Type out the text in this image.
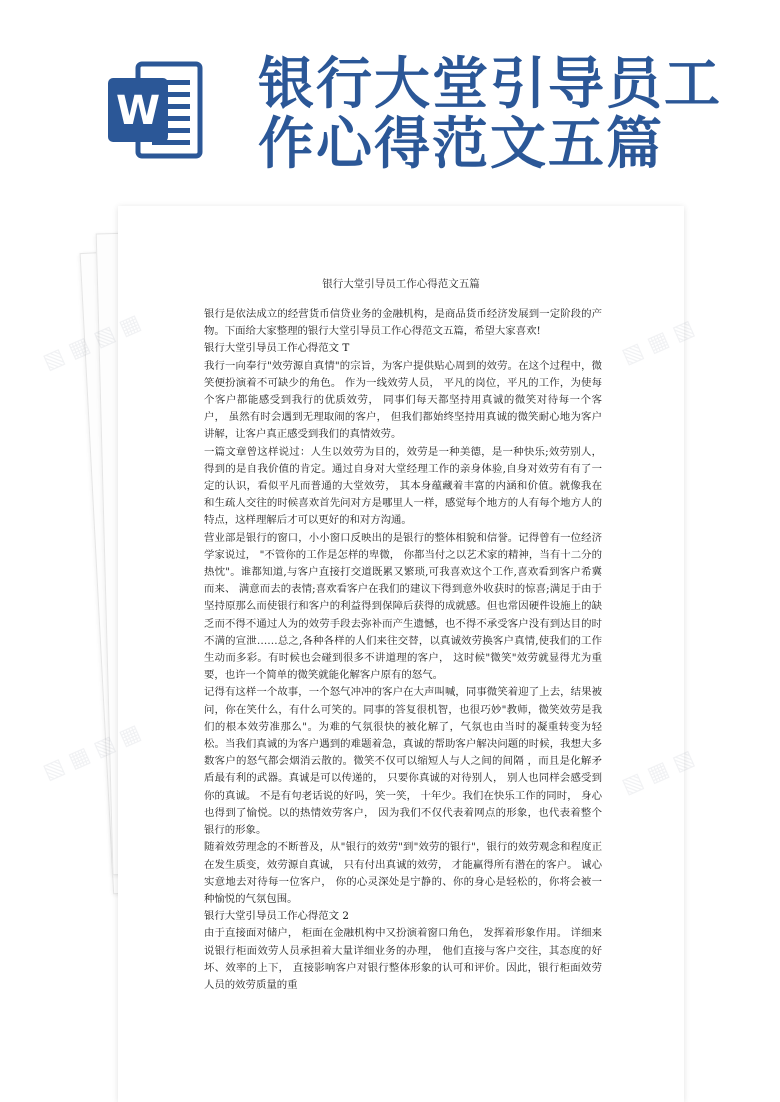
W 银行大堂引导员工
作心得范文五篇
银行大堂引导员工作心得范文五篇

银行是依法成立的经营货币信贷业务的金融机构，是商品货币经济发展到一定阶段的产物。下面给大家整理的银行大堂引导员工作心得范文五篇，希望大家喜欢!

银行大堂引导员工作心得范文 T

我行一向奉行"效劳源自真情"的宗旨，为客户提供贴心周到的效劳。在这个过程中，微笑便扮演着不可缺少的角色。 作为一线效劳人员， 平凡的岗位，平凡的工作，为使每个客户都能感受到我行的优质效劳， 同事们每天都坚持用真诚的微笑对待每一个客户， 虽然有时会遇到无理取闹的客户， 但我们都始终坚持用真诚的微笑耐心地为客户讲解，让客户真正感受到我们的真情效劳。

一篇文章曾这样说过：人生以效劳为目的，效劳是一种美德，是一种快乐;效劳别人，得到的是自我价值的肯定。通过自身对大堂经理工作的亲身体验,自身对效劳有有了一定的认识，看似平凡而普通的大堂效劳， 其本身蕴藏着丰富的内涵和价值。就像我在和生疏人交往的时候喜欢首先问对方是哪里人一样，感觉每个地方的人有每个地方人的特点，这样理解后才可以更好的和对方沟通。

营业部是银行的窗口，小小窗口反映出的是银行的整体相貌和信誉。记得曾有一位经济学家说过， "不管你的工作是怎样的卑微， 你都当付之以艺术家的精神，当有十二分的热忱"。谁都知道,与客户直接打交道既累又繁琐,可我喜欢这个工作,喜欢看到客户希冀而来、 满意而去的表情;喜欢看客户在我们的建议下得到意外收获时的惊喜;满足于由于坚持原那么而使银行和客户的利益得到保障后获得的成就感。但也常因硬件设施上的缺乏而不得不通过人为的效劳手段去弥补而产生遗憾，也不得不承受客户没有到达目的时不满的宣泄……总之,各种各样的人们来往交替，以真诚效劳换客户真情,使我们的工作生动而多彩。有时候也会碰到很多不讲道理的客户， 这时候"微笑"效劳就显得尤为重要，也许一个简单的微笑就能化解客户原有的怒气。

记得有这样一个故事，一个怒气冲冲的客户在大声叫喊，同事微笑着迎了上去，结果被问，你在笑什么，有什么可笑的。同事的答复很机智，也很巧妙"教师，微笑效劳是我们的根本效劳准那么"。为难的气氛很快的被化解了，气氛也由当时的凝重转变为轻松。当我们真诚的为客户遇到的难题着急，真诚的帮助客户解决问题的时候，我想大多数客户的怒气都会烟消云散的。微笑不仅可以缩短人与人之间的间隔 ，而且是化解矛盾最有利的武器。真诚是可以传递的， 只要你真诚的对待别人， 别人也同样会感受到你的真诚。 不是有句老话说的好吗，笑一笑， 十年少。我们在快乐工作的同时， 身心也得到了愉悦。以的热情效劳客户， 因为我们不仅代表着网点的形象，也代表着整个银行的形象。

随着效劳理念的不断普及，从"银行的效劳"到"效劳的银行"，银行的效劳观念和程度正在发生质变，效劳源自真诚， 只有付出真诚的效劳， 才能赢得所有潜在的客户。 诚心实意地去对待每一位客户， 你的心灵深处是宁静的、你的身心是轻松的，你将会被一种愉悦的气氛包围。

银行大堂引导员工作心得范文 2

由于直接面对储户， 柜面在金融机构中又扮演着窗口角色， 发挥着形象作用。 详细来说银行柜面效劳人员承担着大量详细业务的办理， 他们直接与客户交往，其态度的好坏、效率的上下， 直接影响客户对银行整体形象的认可和评价。因此，银行柜面效劳人员的效劳质量的重

▧ ▦
▧ ▦ ▧ ▦
